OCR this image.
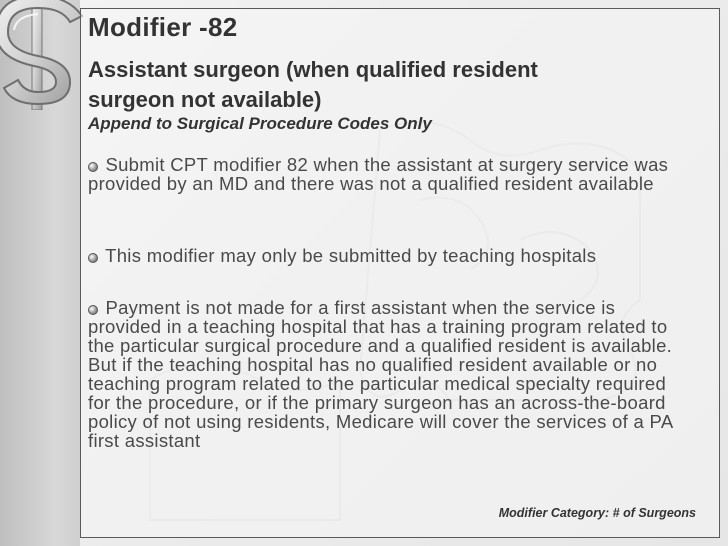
Modifier -82
Assistant surgeon (when qualified resident surgeon not available)
Append to Surgical Procedure Codes Only

Submit CPT modifier 82 when the assistant at surgery service was provided by an MD and there was not a qualified resident available

This modifier may only be submitted by teaching hospitals

Payment is not made for a first assistant when the service is provided in a teaching hospital that has a training program related to the particular surgical procedure and a qualified resident is available. But if the teaching hospital has no qualified resident available or no teaching program related to the particular medical specialty required for the procedure, or if the primary surgeon has an across-the-board policy of not using residents, Medicare will cover the services of a PA first assistant

Modifier Category: # of Surgeons
